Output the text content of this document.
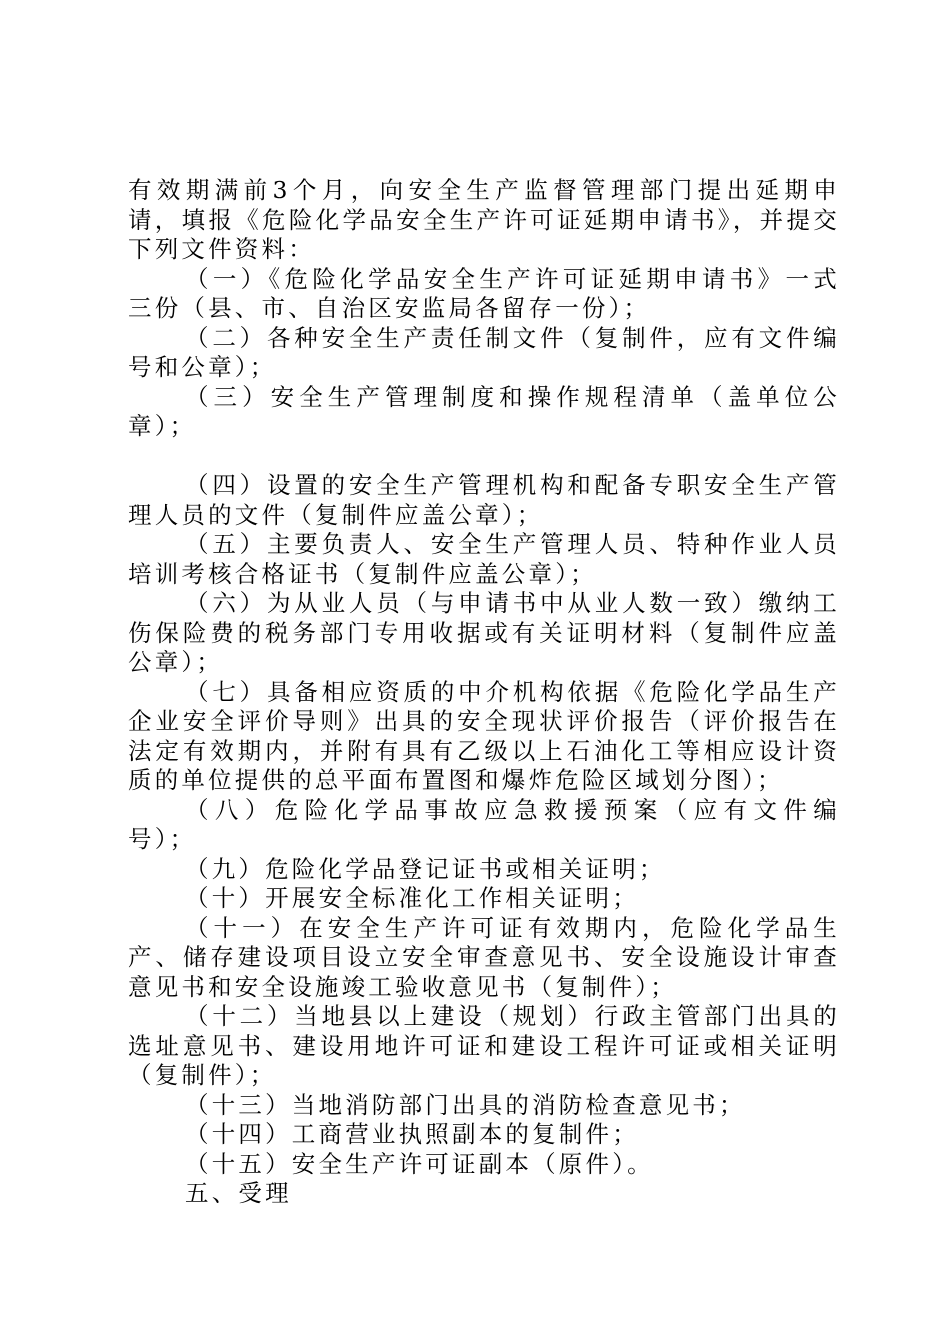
有效期满前3个月，向安全生产监督管理部门提出延期申请，填报《危险化学品安全生产许可证延期申请书》，并提交下列文件资料：

（一）《危险化学品安全生产许可证延期申请书》一式三份（县、市、自治区安监局各留存一份）；

（二）各种安全生产责任制文件（复制件，应有文件编号和公章）；

（三）安全生产管理制度和操作规程清单（盖单位公章）；

（四）设置的安全生产管理机构和配备专职安全生产管理人员的文件（复制件应盖公章）；

（五）主要负责人、安全生产管理人员、特种作业人员培训考核合格证书（复制件应盖公章）；

（六）为从业人员（与申请书中从业人数一致）缴纳工伤保险费的税务部门专用收据或有关证明材料（复制件应盖公章）；

（七）具备相应资质的中介机构依据《危险化学品生产企业安全评价导则》出具的安全现状评价报告（评价报告在法定有效期内，并附有具有乙级以上石油化工等相应设计资质的单位提供的总平面布置图和爆炸危险区域划分图）；

（八）危险化学品事故应急救援预案（应有文件编号）；

（九）危险化学品登记证书或相关证明；

（十）开展安全标准化工作相关证明；

（十一）在安全生产许可证有效期内，危险化学品生产、储存建设项目设立安全审查意见书、安全设施设计审查意见书和安全设施竣工验收意见书（复制件）；

（十二）当地县以上建设（规划）行政主管部门出具的选址意见书、建设用地许可证和建设工程许可证或相关证明（复制件）；

（十三）当地消防部门出具的消防检查意见书；

（十四）工商营业执照副本的复制件；

（十五）安全生产许可证副本（原件）。

五、受理
